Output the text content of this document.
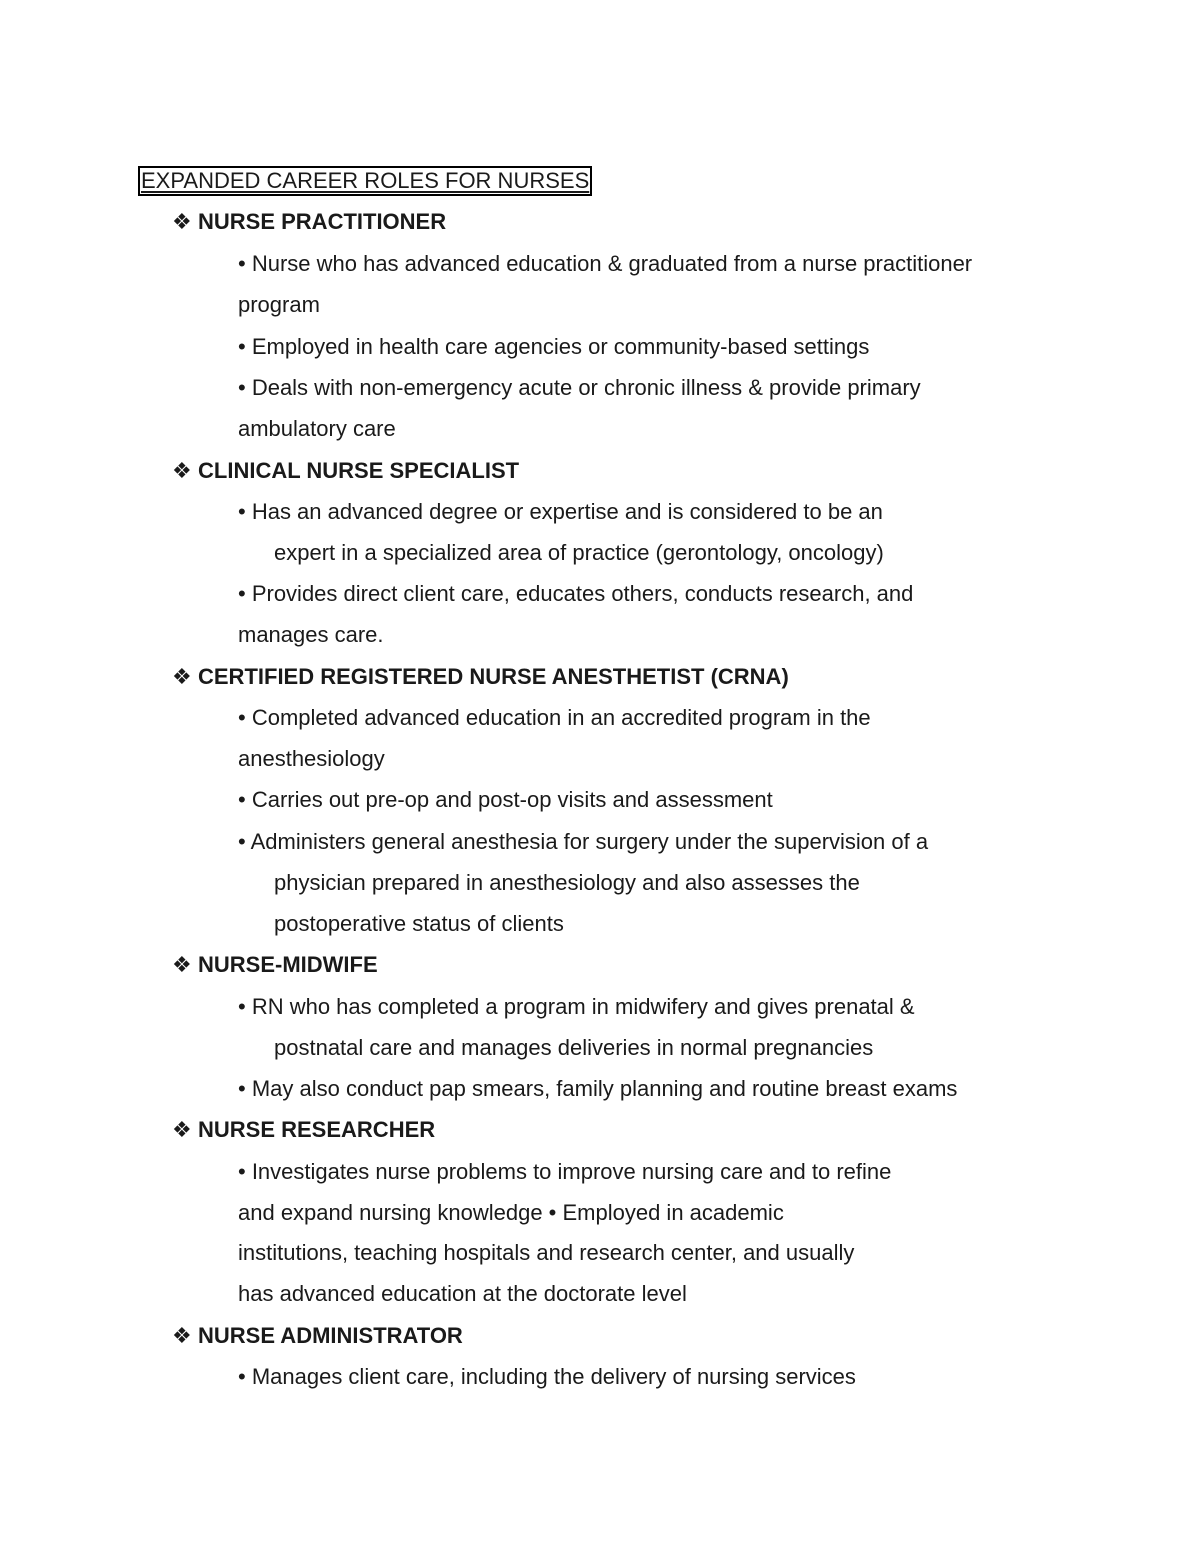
EXPANDED CAREER ROLES FOR NURSES
❖ NURSE PRACTITIONER
• Nurse who has advanced education & graduated from a nurse practitioner
program
• Employed in health care agencies or community-based settings
• Deals with non-emergency acute or chronic illness & provide primary
ambulatory care
❖ CLINICAL NURSE SPECIALIST
• Has an advanced degree or expertise and is considered to be an
expert in a specialized area of practice (gerontology, oncology)
• Provides direct client care, educates others, conducts research, and
manages care.
❖ CERTIFIED REGISTERED NURSE ANESTHETIST (CRNA)
• Completed advanced education in an accredited program in the
anesthesiology
• Carries out pre-op and post-op visits and assessment
• Administers general anesthesia for surgery under the supervision of a
physician prepared in anesthesiology and also assesses the
postoperative status of clients
❖ NURSE-MIDWIFE
• RN who has completed a program in midwifery and gives prenatal &
postnatal care and manages deliveries in normal pregnancies
• May also conduct pap smears, family planning and routine breast exams
❖ NURSE RESEARCHER
• Investigates nurse problems to improve nursing care and to refine
and expand nursing knowledge • Employed in academic
institutions, teaching hospitals and research center, and usually
has advanced education at the doctorate level
❖ NURSE ADMINISTRATOR
• Manages client care, including the delivery of nursing services
